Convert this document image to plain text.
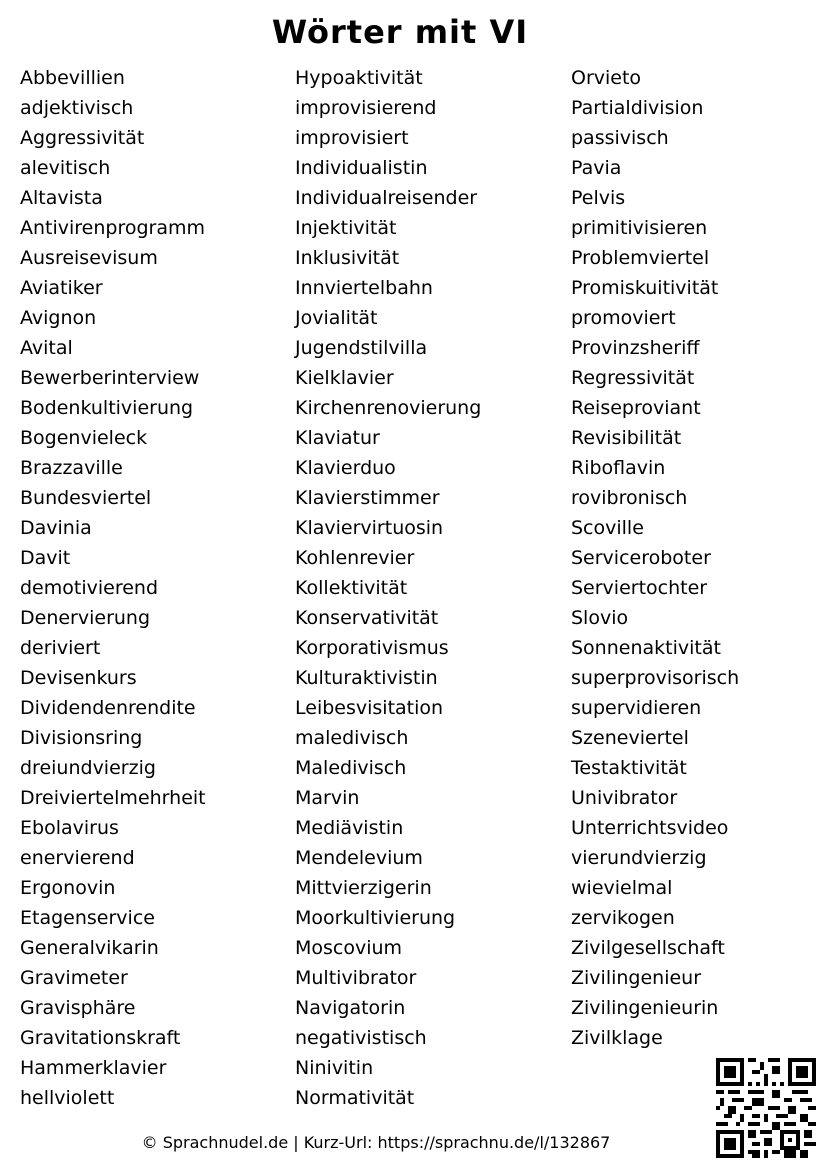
Wörter mit VI
Abbevillien
adjektivisch
Aggressivität
alevitisch
Altavista
Antivirenprogramm
Ausreisevisum
Aviatiker
Avignon
Avital
Bewerberinterview
Bodenkultivierung
Bogenvieleck
Brazzaville
Bundesviertel
Davinia
Davit
demotivierend
Denervierung
deriviert
Devisenkurs
Dividendenrendite
Divisionsring
dreiundvierzig
Dreiviertelmehrheit
Ebolavirus
enervierend
Ergonovin
Etagenservice
Generalvikarin
Gravimeter
Gravisphäre
Gravitationskraft
Hammerklavier
hellviolett
Hypoaktivität
improvisierend
improvisiert
Individualistin
Individualreisender
Injektivität
Inklusivität
Innviertelbahn
Jovialität
Jugendstilvilla
Kielklavier
Kirchenrenovierung
Klaviatur
Klavierduo
Klavierstimmer
Klaviervirtuosin
Kohlenrevier
Kollektivität
Konservativität
Korporativismus
Kulturaktivistin
Leibesvisitation
maledivisch
Maledivisch
Marvin
Mediävistin
Mendelevium
Mittvierzigerin
Moorkultivierung
Moscovium
Multivibrator
Navigatorin
negativistisch
Ninivitin
Normativität
Orvieto
Partialdivision
passivisch
Pavia
Pelvis
primitivisieren
Problemviertel
Promiskuitivität
promoviert
Provinzsheriff
Regressivität
Reiseproviant
Revisibilität
Riboflavin
rovibronisch
Scoville
Serviceroboter
Serviertochter
Slovio
Sonnenaktivität
superprovisorisch
supervidieren
Szeneviertel
Testaktivität
Univibrator
Unterrichtsvideo
vierundvierzig
wievielmal
zervikogen
Zivilgesellschaft
Zivilingenieur
Zivilingenieurin
Zivilklage
© Sprachnudel.de | Kurz-Url: https://sprachnu.de/l/132867
